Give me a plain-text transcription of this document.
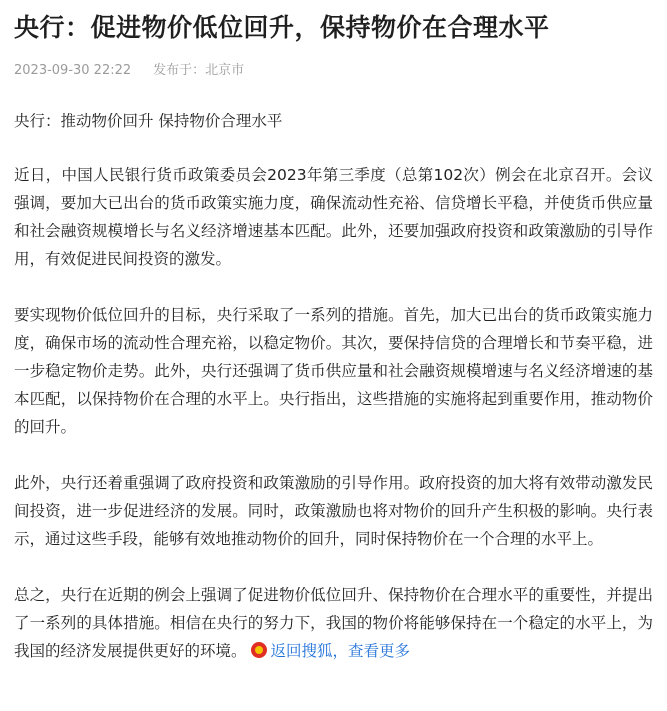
央行：促进物价低位回升，保持物价在合理水平
2023-09-30 22:22 发布于：北京市

央行：推动物价回升 保持物价合理水平

近日，中国人民银行货币政策委员会2023年第三季度（总第102次）例会在北京召开。会议强调，要加大已出台的货币政策实施力度，确保流动性充裕、信贷增长平稳，并使货币供应量和社会融资规模增长与名义经济增速基本匹配。此外，还要加强政府投资和政策激励的引导作用，有效促进民间投资的激发。

要实现物价低位回升的目标，央行采取了一系列的措施。首先，加大已出台的货币政策实施力度，确保市场的流动性合理充裕，以稳定物价。其次，要保持信贷的合理增长和节奏平稳，进一步稳定物价走势。此外，央行还强调了货币供应量和社会融资规模增速与名义经济增速的基本匹配，以保持物价在合理的水平上。央行指出，这些措施的实施将起到重要作用，推动物价的回升。

此外，央行还着重强调了政府投资和政策激励的引导作用。政府投资的加大将有效带动激发民间投资，进一步促进经济的发展。同时，政策激励也将对物价的回升产生积极的影响。央行表示，通过这些手段，能够有效地推动物价的回升，同时保持物价在一个合理的水平上。

总之，央行在近期的例会上强调了促进物价低位回升、保持物价在合理水平的重要性，并提出了一系列的具体措施。相信在央行的努力下，我国的物价将能够保持在一个稳定的水平上，为我国的经济发展提供更好的环境。 返回搜狐，查看更多
